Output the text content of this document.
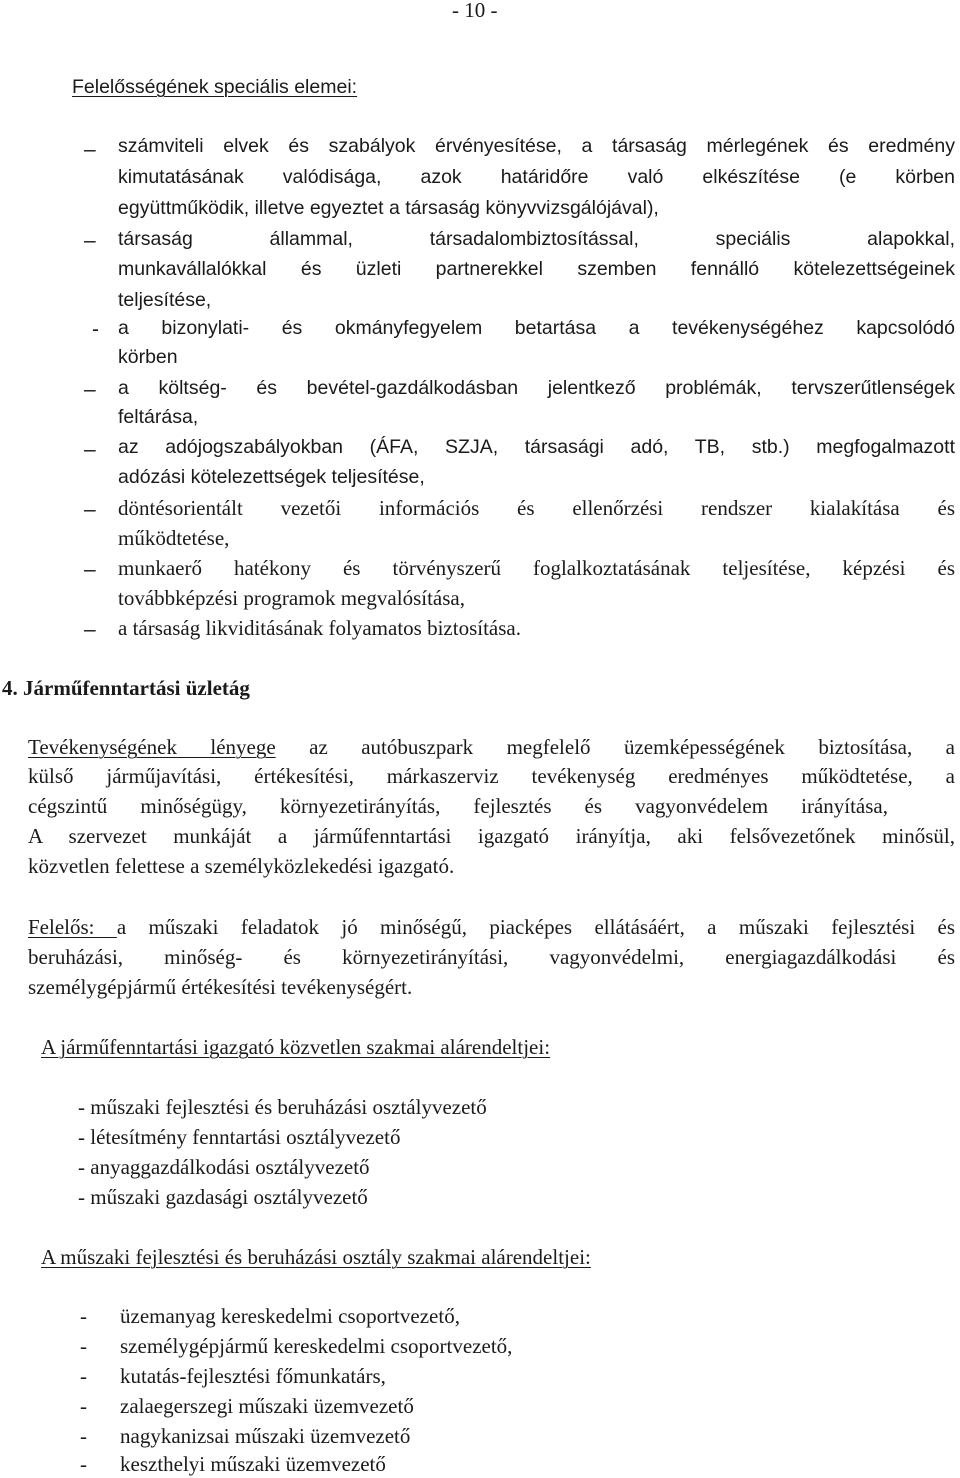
- 10 -
Felelősségének speciális elemei:
– számviteli elvek és szabályok érvényesítése, a társaság mérlegének és eredmény
kimutatásának valódisága, azok határidőre való elkészítése (e körben
együttműködik, illetve egyeztet a társaság könyvvizsgálójával),
– társaság állammal, társadalombiztosítással, speciális alapokkal,
munkavállalókkal és üzleti partnerekkel szemben fennálló kötelezettségeinek
teljesítése,
- a bizonylati- és okmányfegyelem betartása a tevékenységéhez kapcsolódó
körben
– a költség- és bevétel-gazdálkodásban jelentkező problémák, tervszerűtlenségek
feltárása,
– az adójogszabályokban (ÁFA, SZJA, társasági adó, TB, stb.) megfogalmazott
adózási kötelezettségek teljesítése,
– döntésorientált vezetői információs és ellenőrzési rendszer kialakítása és
működtetése,
– munkaerő hatékony és törvényszerű foglalkoztatásának teljesítése, képzési és
továbbképzési programok megvalósítása,
– a társaság likviditásának folyamatos biztosítása.
4. Járműfenntartási üzletág
Tevékenységének lényege az autóbuszpark megfelelő üzemképességének biztosítása, a
külső járműjavítási, értékesítési, márkaszerviz tevékenység eredményes működtetése, a
cégszintű minőségügy, környezetirányítás, fejlesztés és vagyonvédelem irányítása,
A szervezet munkáját a járműfenntartási igazgató irányítja, aki felsővezetőnek minősül,
közvetlen felettese a személyközlekedési igazgató.
Felelős: a műszaki feladatok jó minőségű, piacképes ellátásáért, a műszaki fejlesztési és
beruházási, minőség- és környezetirányítási, vagyonvédelmi, energiagazdálkodási és
személygépjármű értékesítési tevékenységért.
A járműfenntartási igazgató közvetlen szakmai alárendeltjei:
- műszaki fejlesztési és beruházási osztályvezető
- létesítmény fenntartási osztályvezető
- anyaggazdálkodási osztályvezető
- műszaki gazdasági osztályvezető
A műszaki fejlesztési és beruházási osztály szakmai alárendeltjei:
- üzemanyag kereskedelmi csoportvezető,
- személygépjármű kereskedelmi csoportvezető,
- kutatás-fejlesztési főmunkatárs,
- zalaegerszegi műszaki üzemvezető
- nagykanizsai műszaki üzemvezető
- keszthelyi műszaki üzemvezető
